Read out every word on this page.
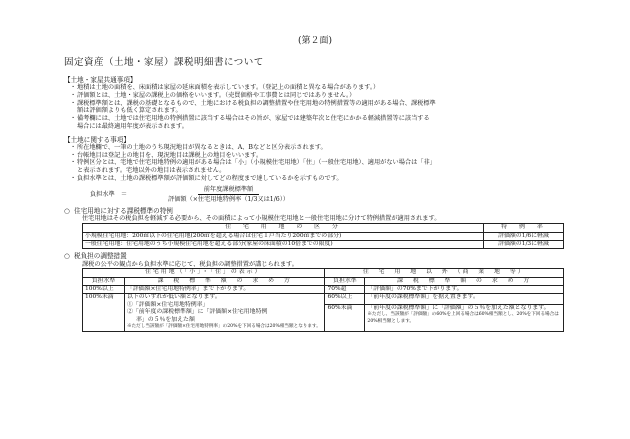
(第２面)
固定資産（土地・家屋）課税明細書について
【土地・家屋共通事項】
・地積は土地の面積を、床面積は家屋の延床面積を表示しています。（登記上の面積と異なる場合があります。）
・評価額とは、土地・家屋の課税上の価格をいいます。（売買価格や工事費とは同じではありません。）
・課税標準額とは、課税の基礎となるもので、土地における税負担の調整措置や住宅用地の特例措置等の適用がある場合、課税標準
額は評価額よりも低く算定されます。
・備考欄には、土地では住宅用地の特例措置に該当する場合はその旨が、家屋では建築年次と住宅にかかる軽減措置等に該当する
場合には最終適用年度が表示されます。
【土地に関する事項】
・所在地欄で、一筆の土地のうち現況地目が異なるときは、A、Bなどと区分表示されます。
・台帳地目は登記上の地目を、現況地目は課税上の地目をいいます。
・特例区分とは、宅地で住宅用地特例の適用がある場合は「小」（小規模住宅用地）「住」（一般住宅用地）、適用がない場合は「非」
と表示されます。宅地以外の地目は表示されません。
・負担水準とは、土地の課税標準額が評価額に対してどの程度まで達しているかを示すものです。
負担水準　＝	$\frac{\text{前年度課税標準額}}{\text{評価額（×住宅用地特例率（1/3又は1/6））}}$
○ 住宅用地に対する課税標準の特例
住宅用地はその税負担を軽減する必要から、その面積によって小規模住宅用地と一般住宅用地に分けて特例措置が適用されます。
住　宅　用　地　の　区　分	特　例　率
小規模住宅用地：200㎡以下の住宅用地(200㎡を超える場合は住宅１戸当たり200㎡までの部分)	評価額の1/6に軽減
一般住宅用地：住宅用地のうち小規模住宅用地を超える部分(家屋の床面積の10倍までの限度)	評価額の1/3に軽減
○ 税負担の調整措置
課税の公平の観点から負担水準に応じて、税負担の調整措置が講じられます。
住宅用地（「小」・「住」の表示）		住　宅　用　地　以　外　（商　業　地　等）	
負担水準	課　税　標　準　額　の　求　め　方	負担水準	課　税　標　準　額　の　求　め　方
100%以上	「評価額×住宅用地特例率」まで下がります。	70%超	「評価額」の70%まで下がります。
100%未満	以下のいずれか低い額となります。
①「評価額×住宅用地特例率」
②「前年度の課税標準額」に「評価額×住宅用地特例
率」の５％を加えた額
※ただし当該額が「評価額×住宅用地特例率」の20%を下回る場合は20%相当額となります。	60%以上	「前年度の課税標準額」を据え置きます。
		60%未満	「前年度の課税標準額」に「評価額」の５％を加えた額となります。
※ただし、当該額が「評価額」の60%を上回る場合は60%相当額とし、20%を下回る場合は20%相当額とします。
